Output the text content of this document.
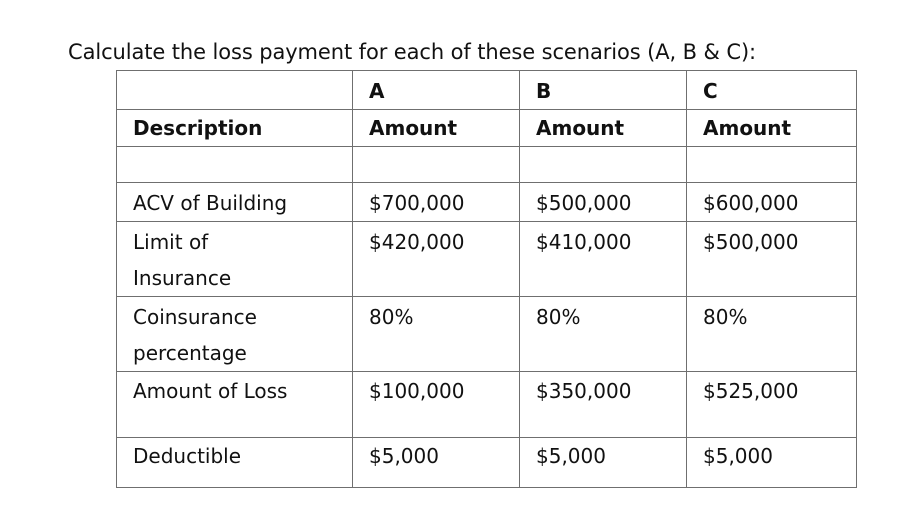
Calculate the loss payment for each of these scenarios (A, B & C):
	A	B	C
Description	Amount	Amount	Amount

ACV of Building	$700,000	$500,000	$600,000

Limit of Insurance	$420,000	$410,000	$500,000

Coinsurance percentage	80%	80%	80%
Amount of Loss	$100,000	$350,000	$525,000
Deductible	$5,000	$5,000	$5,000
